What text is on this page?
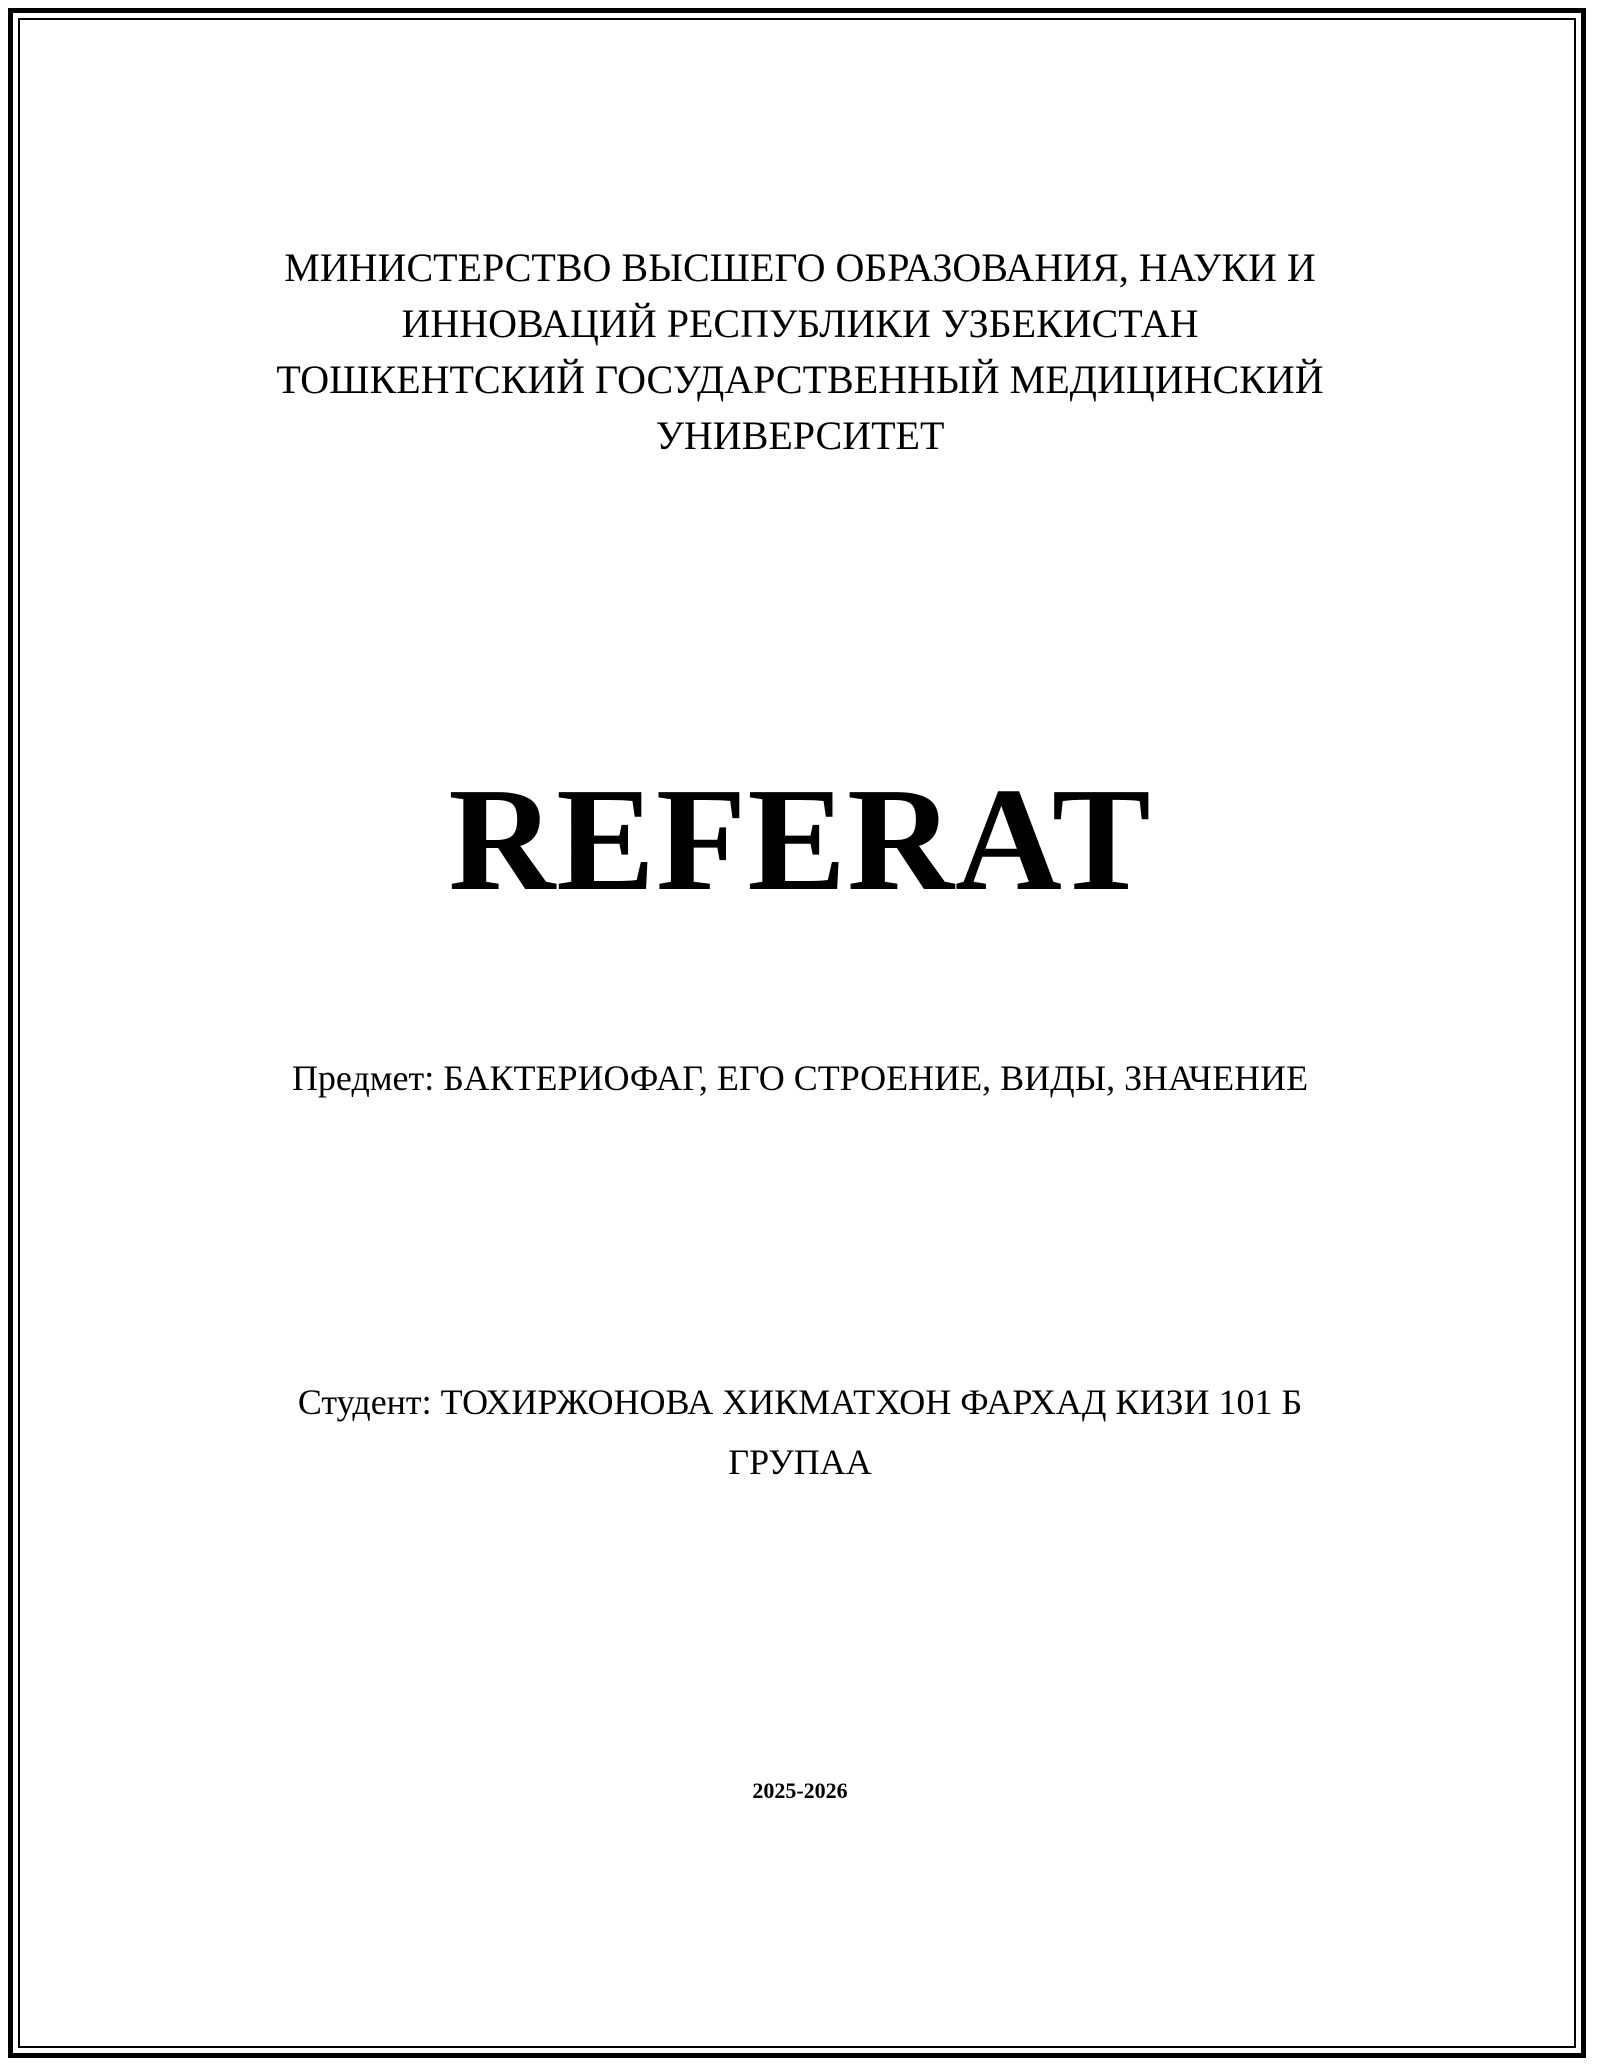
МИНИСТЕРСТВО ВЫСШЕГО ОБРАЗОВАНИЯ, НАУКИ И
ИННОВАЦИЙ РЕСПУБЛИКИ УЗБЕКИСТАН
ТОШКЕНТСКИЙ ГОСУДАРСТВЕННЫЙ МЕДИЦИНСКИЙ
УНИВЕРСИТЕТ
REFERAT
Предмет: БАКТЕРИОФАГ, ЕГО СТРОЕНИЕ, ВИДЫ, ЗНАЧЕНИЕ
Студент: ТОХИРЖОНОВА ХИКМАТХОН ФАРХАД КИЗИ 101 Б
ГРУПАА
2025-2026
